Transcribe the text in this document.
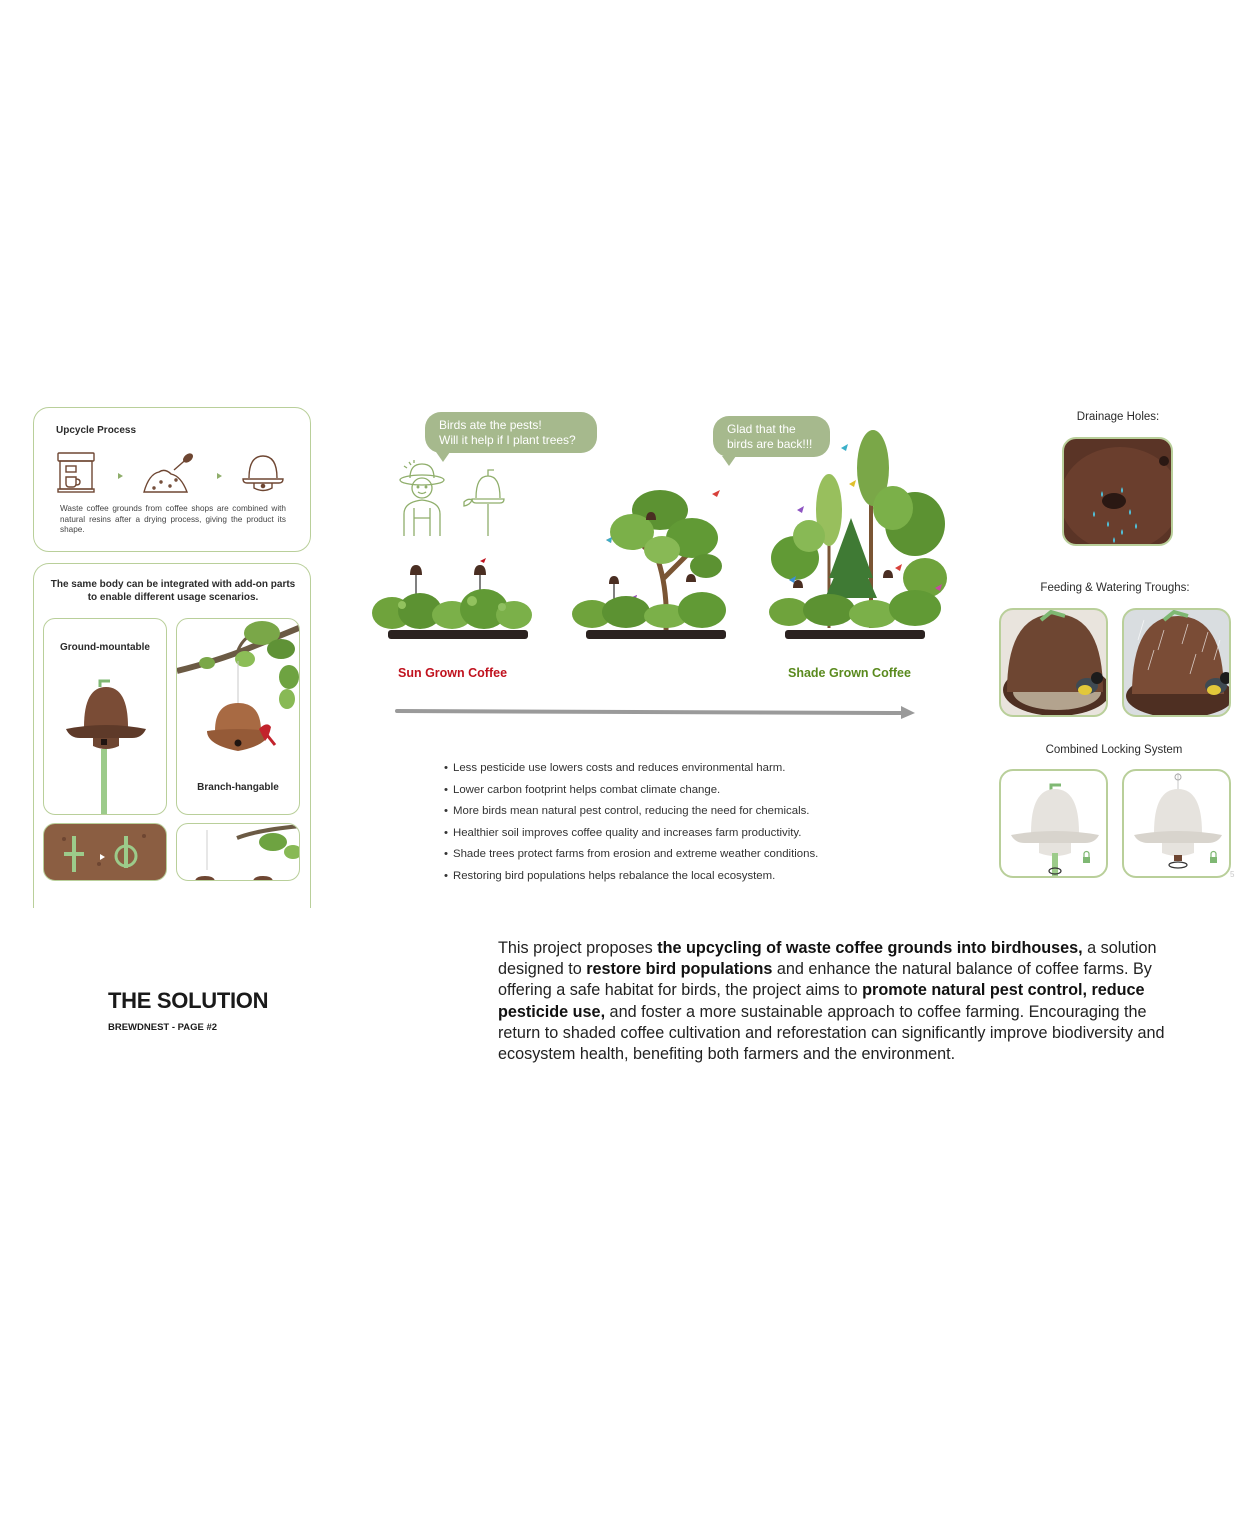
Upcycle Process
Waste coffee grounds from coffee shops are combined with natural resins after a drying process, giving the product its shape.
The same body can be integrated with add-on parts to enable different usage scenarios.
Ground-mountable
Branch-hangable
Birds ate the pests!
Will it help if I plant trees?
Glad that the
birds are back!!!
Sun Grown Coffee	Shade Grown Coffee
• Less pesticide use lowers costs and reduces environmental harm.
• Lower carbon footprint helps combat climate change.
• More birds mean natural pest control, reducing the need for chemicals.
• Healthier soil improves coffee quality and increases farm productivity.
• Shade trees protect farms from erosion and extreme weather conditions.
• Restoring bird populations helps rebalance the local ecosystem.
Drainage Holes:
Feeding & Watering Troughs:
Combined Locking System
5
THE SOLUTION
BREWDNEST - PAGE #2
This project proposes the upcycling of waste coffee grounds into birdhouses, a solution designed to restore bird populations and enhance the natural balance of coffee farms. By offering a safe habitat for birds, the project aims to promote natural pest control, reduce pesticide use, and foster a more sustainable approach to coffee farming. Encouraging the return to shaded coffee cultivation and reforestation can significantly improve biodiversity and ecosystem health, benefiting both farmers and the environment.
